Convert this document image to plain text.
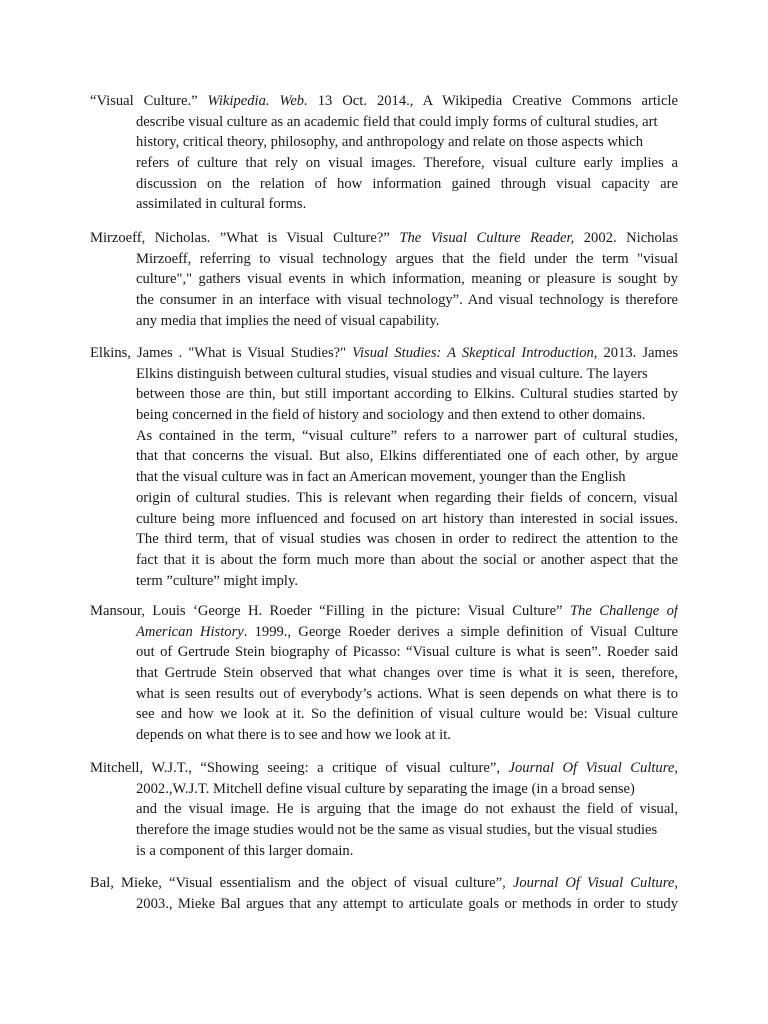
“Visual Culture.” Wikipedia. Web. 13 Oct. 2014., A Wikipedia Creative Commons article
describe visual culture as an academic field that could imply forms of cultural studies, art
history, critical theory, philosophy, and anthropology and relate on those aspects which
refers of culture that rely on visual images. Therefore, visual culture early implies a
discussion on the relation of how information gained through visual capacity are
assimilated in cultural forms.
Mirzoeff, Nicholas. ”What is Visual Culture?” The Visual Culture Reader, 2002. Nicholas
Mirzoeff, referring to visual technology argues that the field under the term "visual
culture"," gathers visual events in which information, meaning or pleasure is sought by
the consumer in an interface with visual technology”. And visual technology is therefore
any media that implies the need of visual capability.
Elkins, James . "What is Visual Studies?" Visual Studies: A Skeptical Introduction, 2013. James
Elkins distinguish between cultural studies, visual studies and visual culture. The layers
between those are thin, but still important according to Elkins. Cultural studies started by
being concerned in the field of history and sociology and then extend to other domains.
As contained in the term, “visual culture” refers to a narrower part of cultural studies,
that that concerns the visual. But also, Elkins differentiated one of each other, by argue
that the visual culture was in fact an American movement, younger than the English
origin of cultural studies. This is relevant when regarding their fields of concern, visual
culture being more influenced and focused on art history than interested in social issues.
The third term, that of visual studies was chosen in order to redirect the attention to the
fact that it is about the form much more than about the social or another aspect that the
term ”culture” might imply.
Mansour, Louis ‘George H. Roeder “Filling in the picture: Visual Culture” The Challenge of
American History. 1999., George Roeder derives a simple definition of Visual Culture
out of Gertrude Stein biography of Picasso: “Visual culture is what is seen”. Roeder said
that Gertrude Stein observed that what changes over time is what it is seen, therefore,
what is seen results out of everybody’s actions. What is seen depends on what there is to
see and how we look at it. So the definition of visual culture would be: Visual culture
depends on what there is to see and how we look at it.
Mitchell, W.J.T., “Showing seeing: a critique of visual culture”, Journal Of Visual Culture,
2002.,W.J.T. Mitchell define visual culture by separating the image (in a broad sense)
and the visual image. He is arguing that the image do not exhaust the field of visual,
therefore the image studies would not be the same as visual studies, but the visual studies
is a component of this larger domain.
Bal, Mieke, “Visual essentialism and the object of visual culture”, Journal Of Visual Culture,
2003., Mieke Bal argues that any attempt to articulate goals or methods in order to study
